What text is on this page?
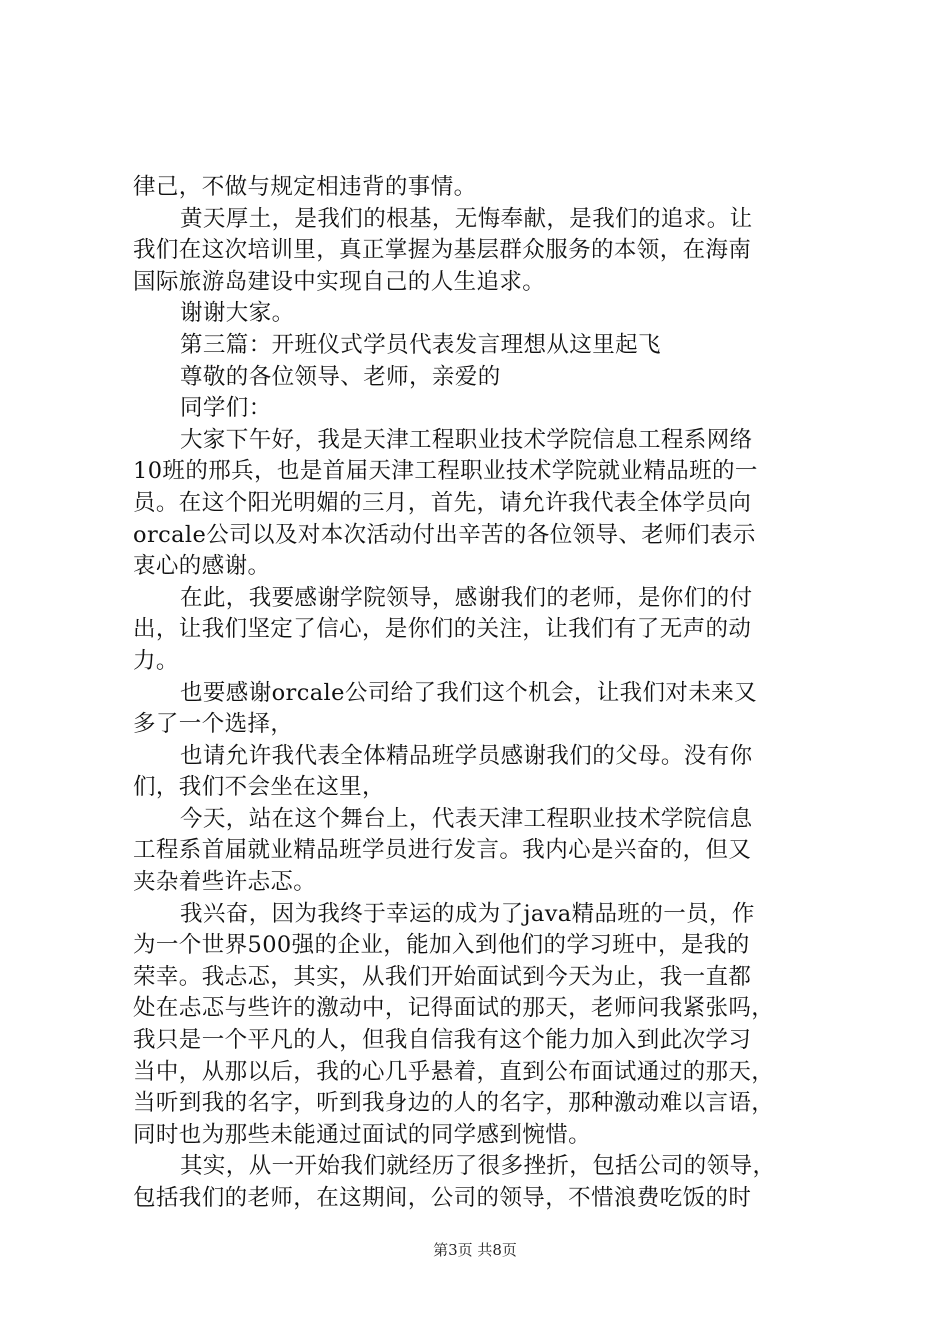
律己，不做与规定相违背的事情。
黄天厚土，是我们的根基，无悔奉献，是我们的追求。让
我们在这次培训里，真正掌握为基层群众服务的本领，在海南
国际旅游岛建设中实现自己的人生追求。
谢谢大家。
第三篇：开班仪式学员代表发言理想从这里起飞
尊敬的各位领导、老师，亲爱的
同学们：
大家下午好，我是天津工程职业技术学院信息工程系网络
10班的邢兵，也是首届天津工程职业技术学院就业精品班的一
员。在这个阳光明媚的三月，首先，请允许我代表全体学员向
orcale公司以及对本次活动付出辛苦的各位领导、老师们表示
衷心的感谢。
在此，我要感谢学院领导，感谢我们的老师，是你们的付
出，让我们坚定了信心，是你们的关注，让我们有了无声的动
力。
也要感谢orcale公司给了我们这个机会，让我们对未来又
多了一个选择，
也请允许我代表全体精品班学员感谢我们的父母。没有你
们，我们不会坐在这里，
今天，站在这个舞台上，代表天津工程职业技术学院信息
工程系首届就业精品班学员进行发言。我内心是兴奋的，但又
夹杂着些许忐忑。
我兴奋，因为我终于幸运的成为了java精品班的一员，作
为一个世界500强的企业，能加入到他们的学习班中，是我的
荣幸。我忐忑，其实，从我们开始面试到今天为止，我一直都
处在忐忑与些许的激动中，记得面试的那天，老师问我紧张吗，
我只是一个平凡的人，但我自信我有这个能力加入到此次学习
当中，从那以后，我的心几乎悬着，直到公布面试通过的那天，
当听到我的名字，听到我身边的人的名字，那种激动难以言语，
同时也为那些未能通过面试的同学感到惋惜。
其实，从一开始我们就经历了很多挫折，包括公司的领导，
包括我们的老师，在这期间，公司的领导，不惜浪费吃饭的时
第3页 共8页
